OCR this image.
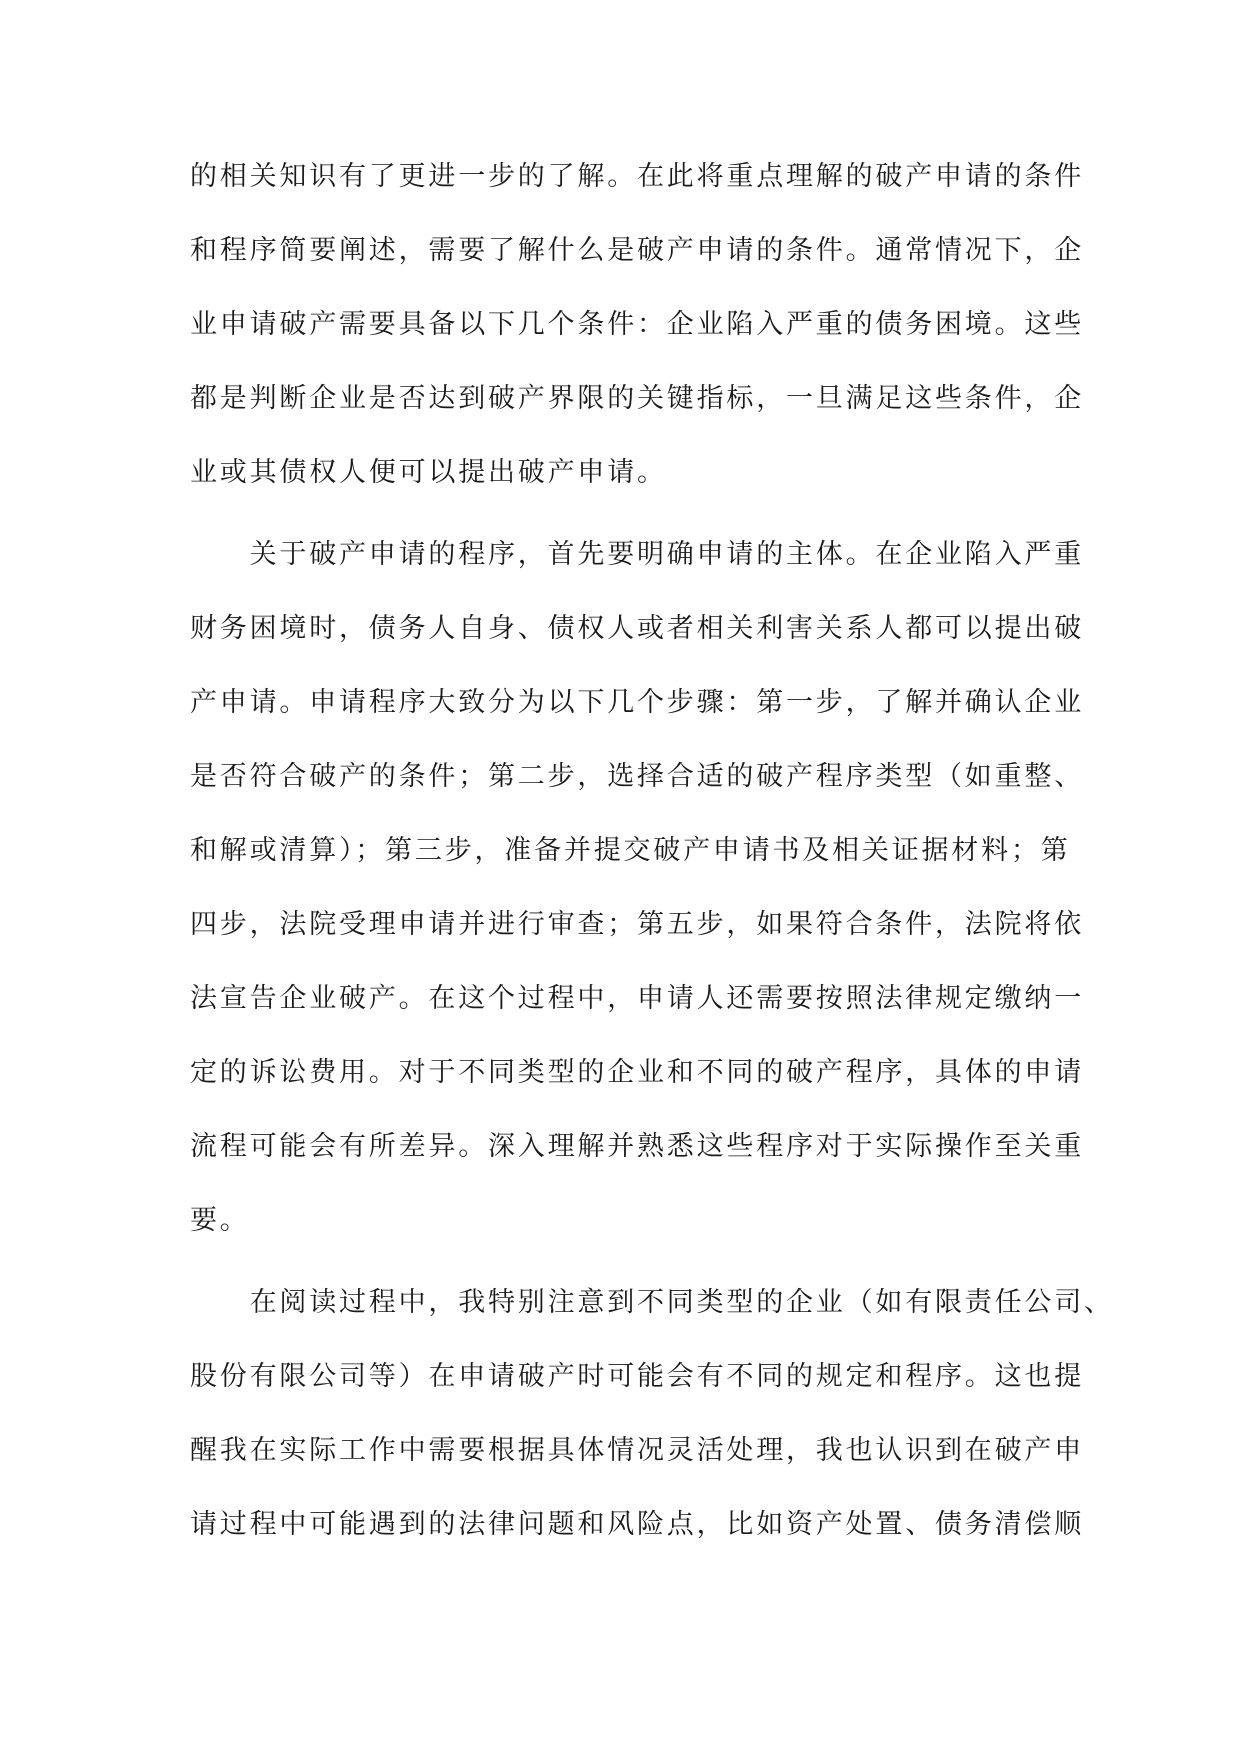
的相关知识有了更进一步的了解。在此将重点理解的破产申请的条件
和程序简要阐述，需要了解什么是破产申请的条件。通常情况下，企
业申请破产需要具备以下几个条件：企业陷入严重的债务困境。这些
都是判断企业是否达到破产界限的关键指标，一旦满足这些条件，企
业或其债权人便可以提出破产申请。
　　关于破产申请的程序，首先要明确申请的主体。在企业陷入严重
财务困境时，债务人自身、债权人或者相关利害关系人都可以提出破
产申请。申请程序大致分为以下几个步骤：第一步，了解并确认企业
是否符合破产的条件；第二步，选择合适的破产程序类型（如重整、
和解或清算）；第三步，准备并提交破产申请书及相关证据材料；第
四步，法院受理申请并进行审查；第五步，如果符合条件，法院将依
法宣告企业破产。在这个过程中，申请人还需要按照法律规定缴纳一
定的诉讼费用。对于不同类型的企业和不同的破产程序，具体的申请
流程可能会有所差异。深入理解并熟悉这些程序对于实际操作至关重
要。
　　在阅读过程中，我特别注意到不同类型的企业（如有限责任公司、
股份有限公司等）在申请破产时可能会有不同的规定和程序。这也提
醒我在实际工作中需要根据具体情况灵活处理，我也认识到在破产申
请过程中可能遇到的法律问题和风险点，比如资产处置、债务清偿顺
